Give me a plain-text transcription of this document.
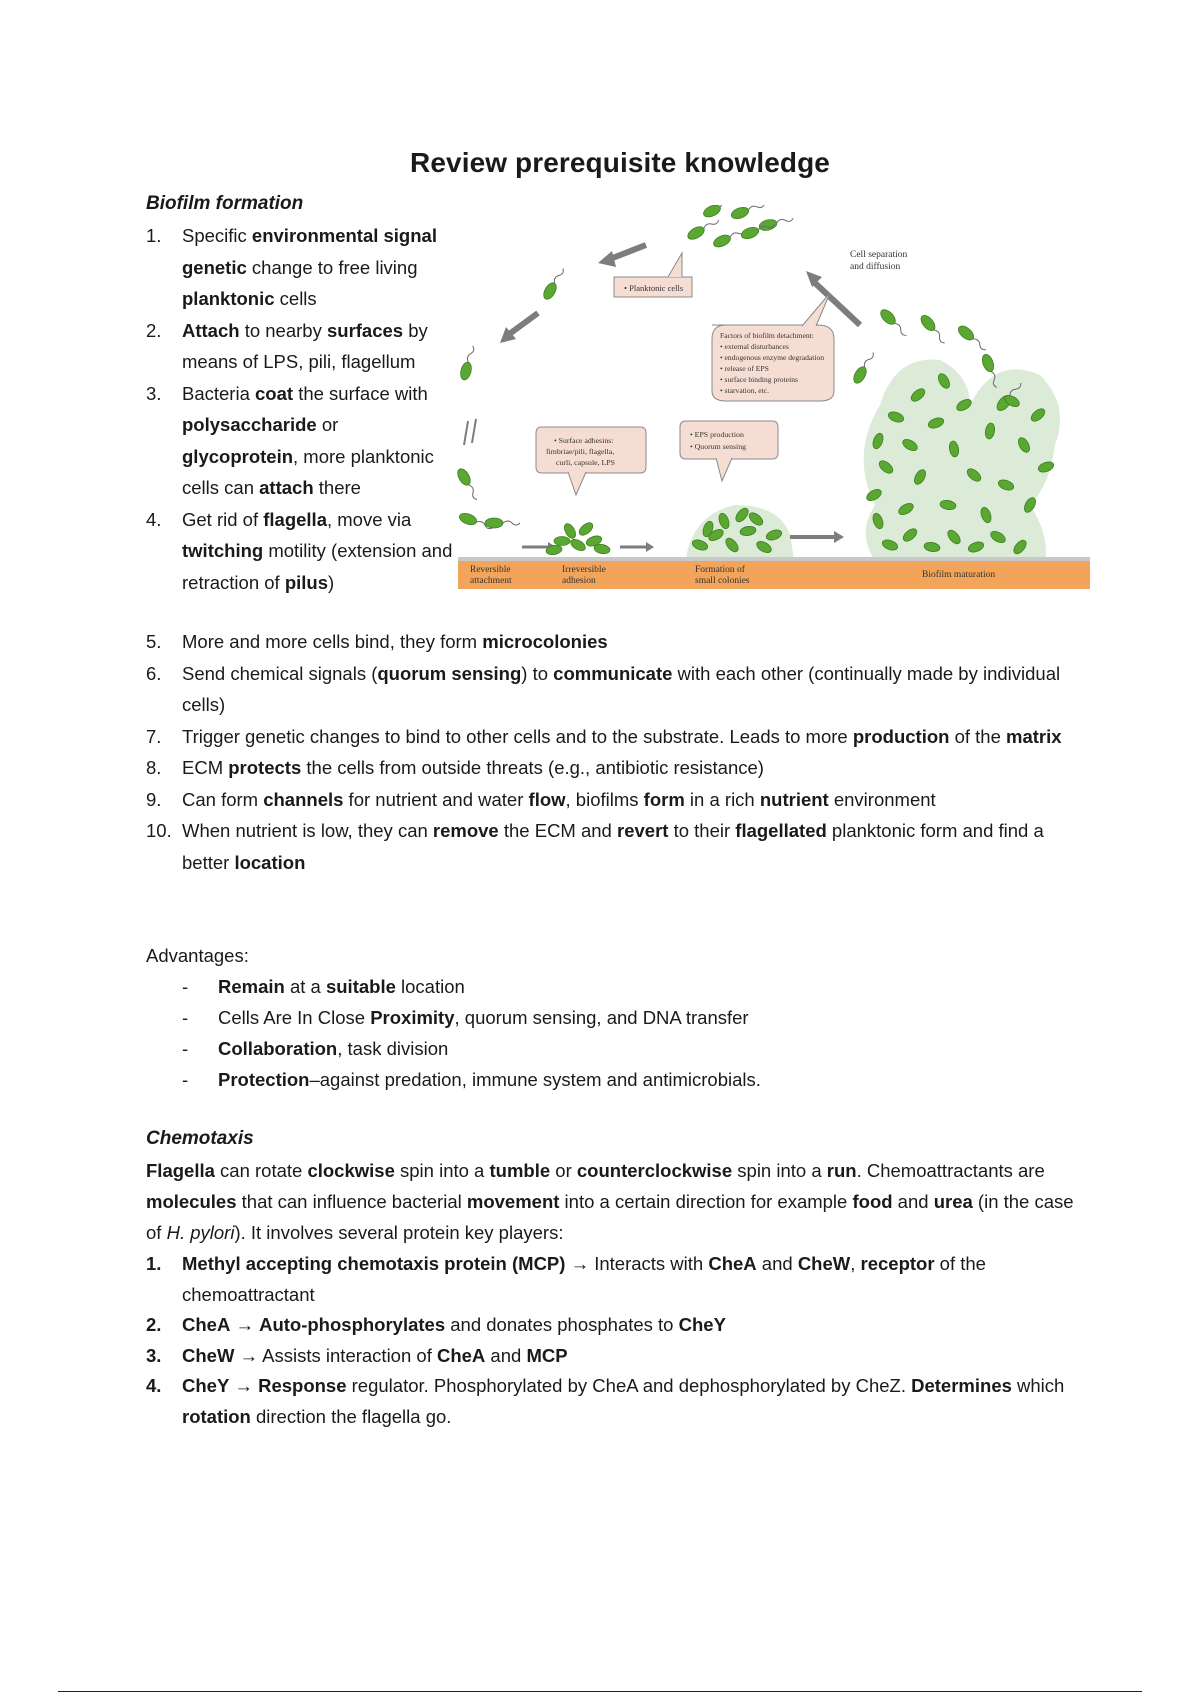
Review prerequisite knowledge
Biofilm formation
1. Specific environmental signal genetic change to free living planktonic cells
2. Attach to nearby surfaces by means of LPS, pili, flagellum
3. Bacteria coat the surface with polysaccharide or glycoprotein, more planktonic cells can attach there
4. Get rid of flagella, move via twitching motility (extension and retraction of pilus)
5. More and more cells bind, they form microcolonies
6. Send chemical signals (quorum sensing) to communicate with each other (continually made by individual cells)
7. Trigger genetic changes to bind to other cells and to the substrate. Leads to more production of the matrix
8. ECM protects the cells from outside threats (e.g., antibiotic resistance)
9. Can form channels for nutrient and water flow, biofilms form in a rich nutrient environment
10. When nutrient is low, they can remove the ECM and revert to their flagellated planktonic form and find a better location
Reversible
attachment
Irreversible
adhesion
Formation of
small colonies
Biofilm maturation
• Planktonic cells
Cell separation
and diffusion
Factors of biofilm detachment:
• external disturbances
• endogenous enzyme degradation
• release of EPS
• surface binding proteins
• starvation, etc.
• Surface adhesins:
fimbriae/pili, flagella,
curli, capsule, LPS
• EPS production
• Quorum sensing

Advantages:

- Remain at a suitable location
- Cells Are In Close Proximity, quorum sensing, and DNA transfer
- Collaboration, task division
- Protection–against predation, immune system and antimicrobials.
Chemotaxis

Flagella can rotate clockwise spin into a tumble or counterclockwise spin into a run. Chemoattractants are molecules that can influence bacterial movement into a certain direction for example food and urea (in the case of H. pylori). It involves several protein key players:

1. Methyl accepting chemotaxis protein (MCP) → Interacts with CheA and CheW, receptor of the chemoattractant
2. CheA → Auto-phosphorylates and donates phosphates to CheY
3. CheW → Assists interaction of CheA and MCP
4. CheY → Response regulator. Phosphorylated by CheA and dephosphorylated by CheZ. Determines which rotation direction the flagella go.
